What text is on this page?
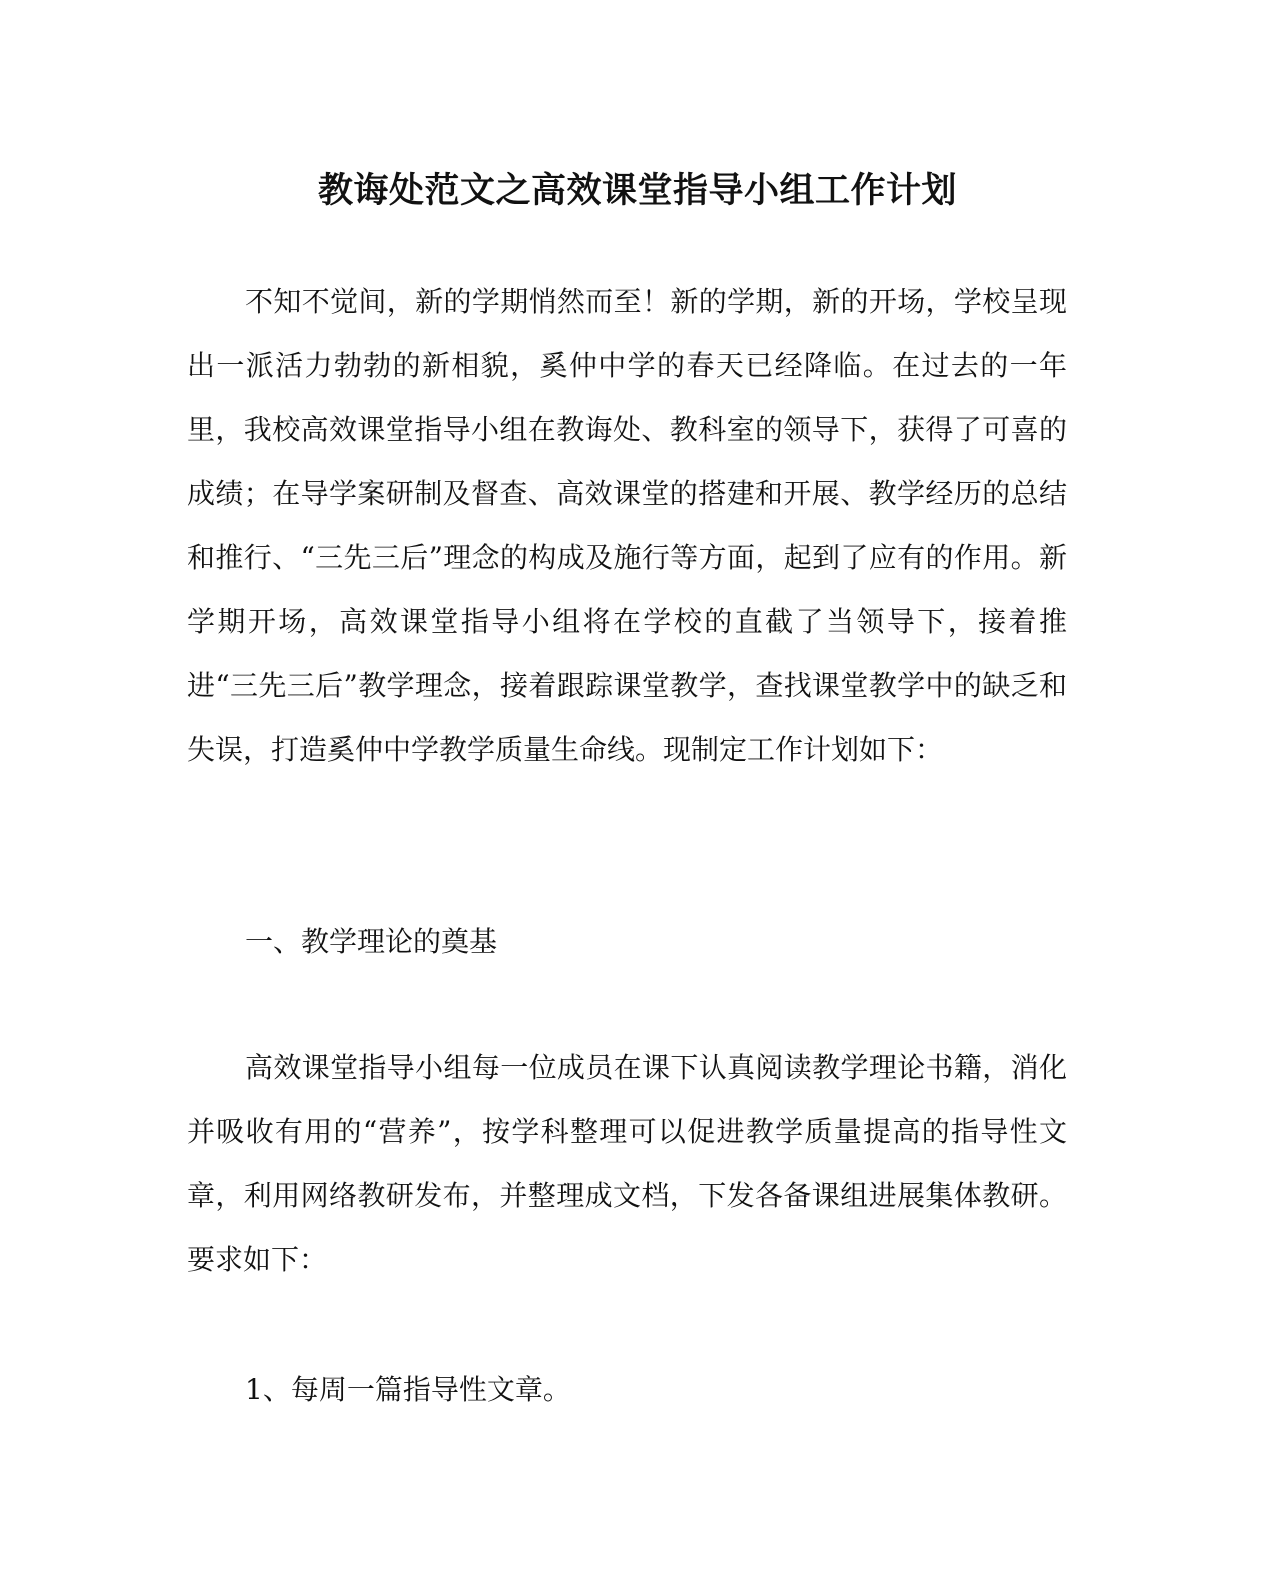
教诲处范文之高效课堂指导小组工作计划

不知不觉间，新的学期悄然而至！新的学期，新的开场，学校呈现出一派活力勃勃的新相貌，奚仲中学的春天已经降临。在过去的一年里，我校高效课堂指导小组在教诲处、教科室的领导下，获得了可喜的成绩；在导学案研制及督查、高效课堂的搭建和开展、教学经历的总结和推行、“三先三后”理念的构成及施行等方面，起到了应有的作用。新学期开场，高效课堂指导小组将在学校的直截了当领导下，接着推进“三先三后”教学理念，接着跟踪课堂教学，查找课堂教学中的缺乏和失误，打造奚仲中学教学质量生命线。现制定工作计划如下：

一、教学理论的奠基

高效课堂指导小组每一位成员在课下认真阅读教学理论书籍，消化并吸收有用的“营养”，按学科整理可以促进教学质量提高的指导性文章，利用网络教研发布，并整理成文档，下发各备课组进展集体教研。要求如下：

1、每周一篇指导性文章。
